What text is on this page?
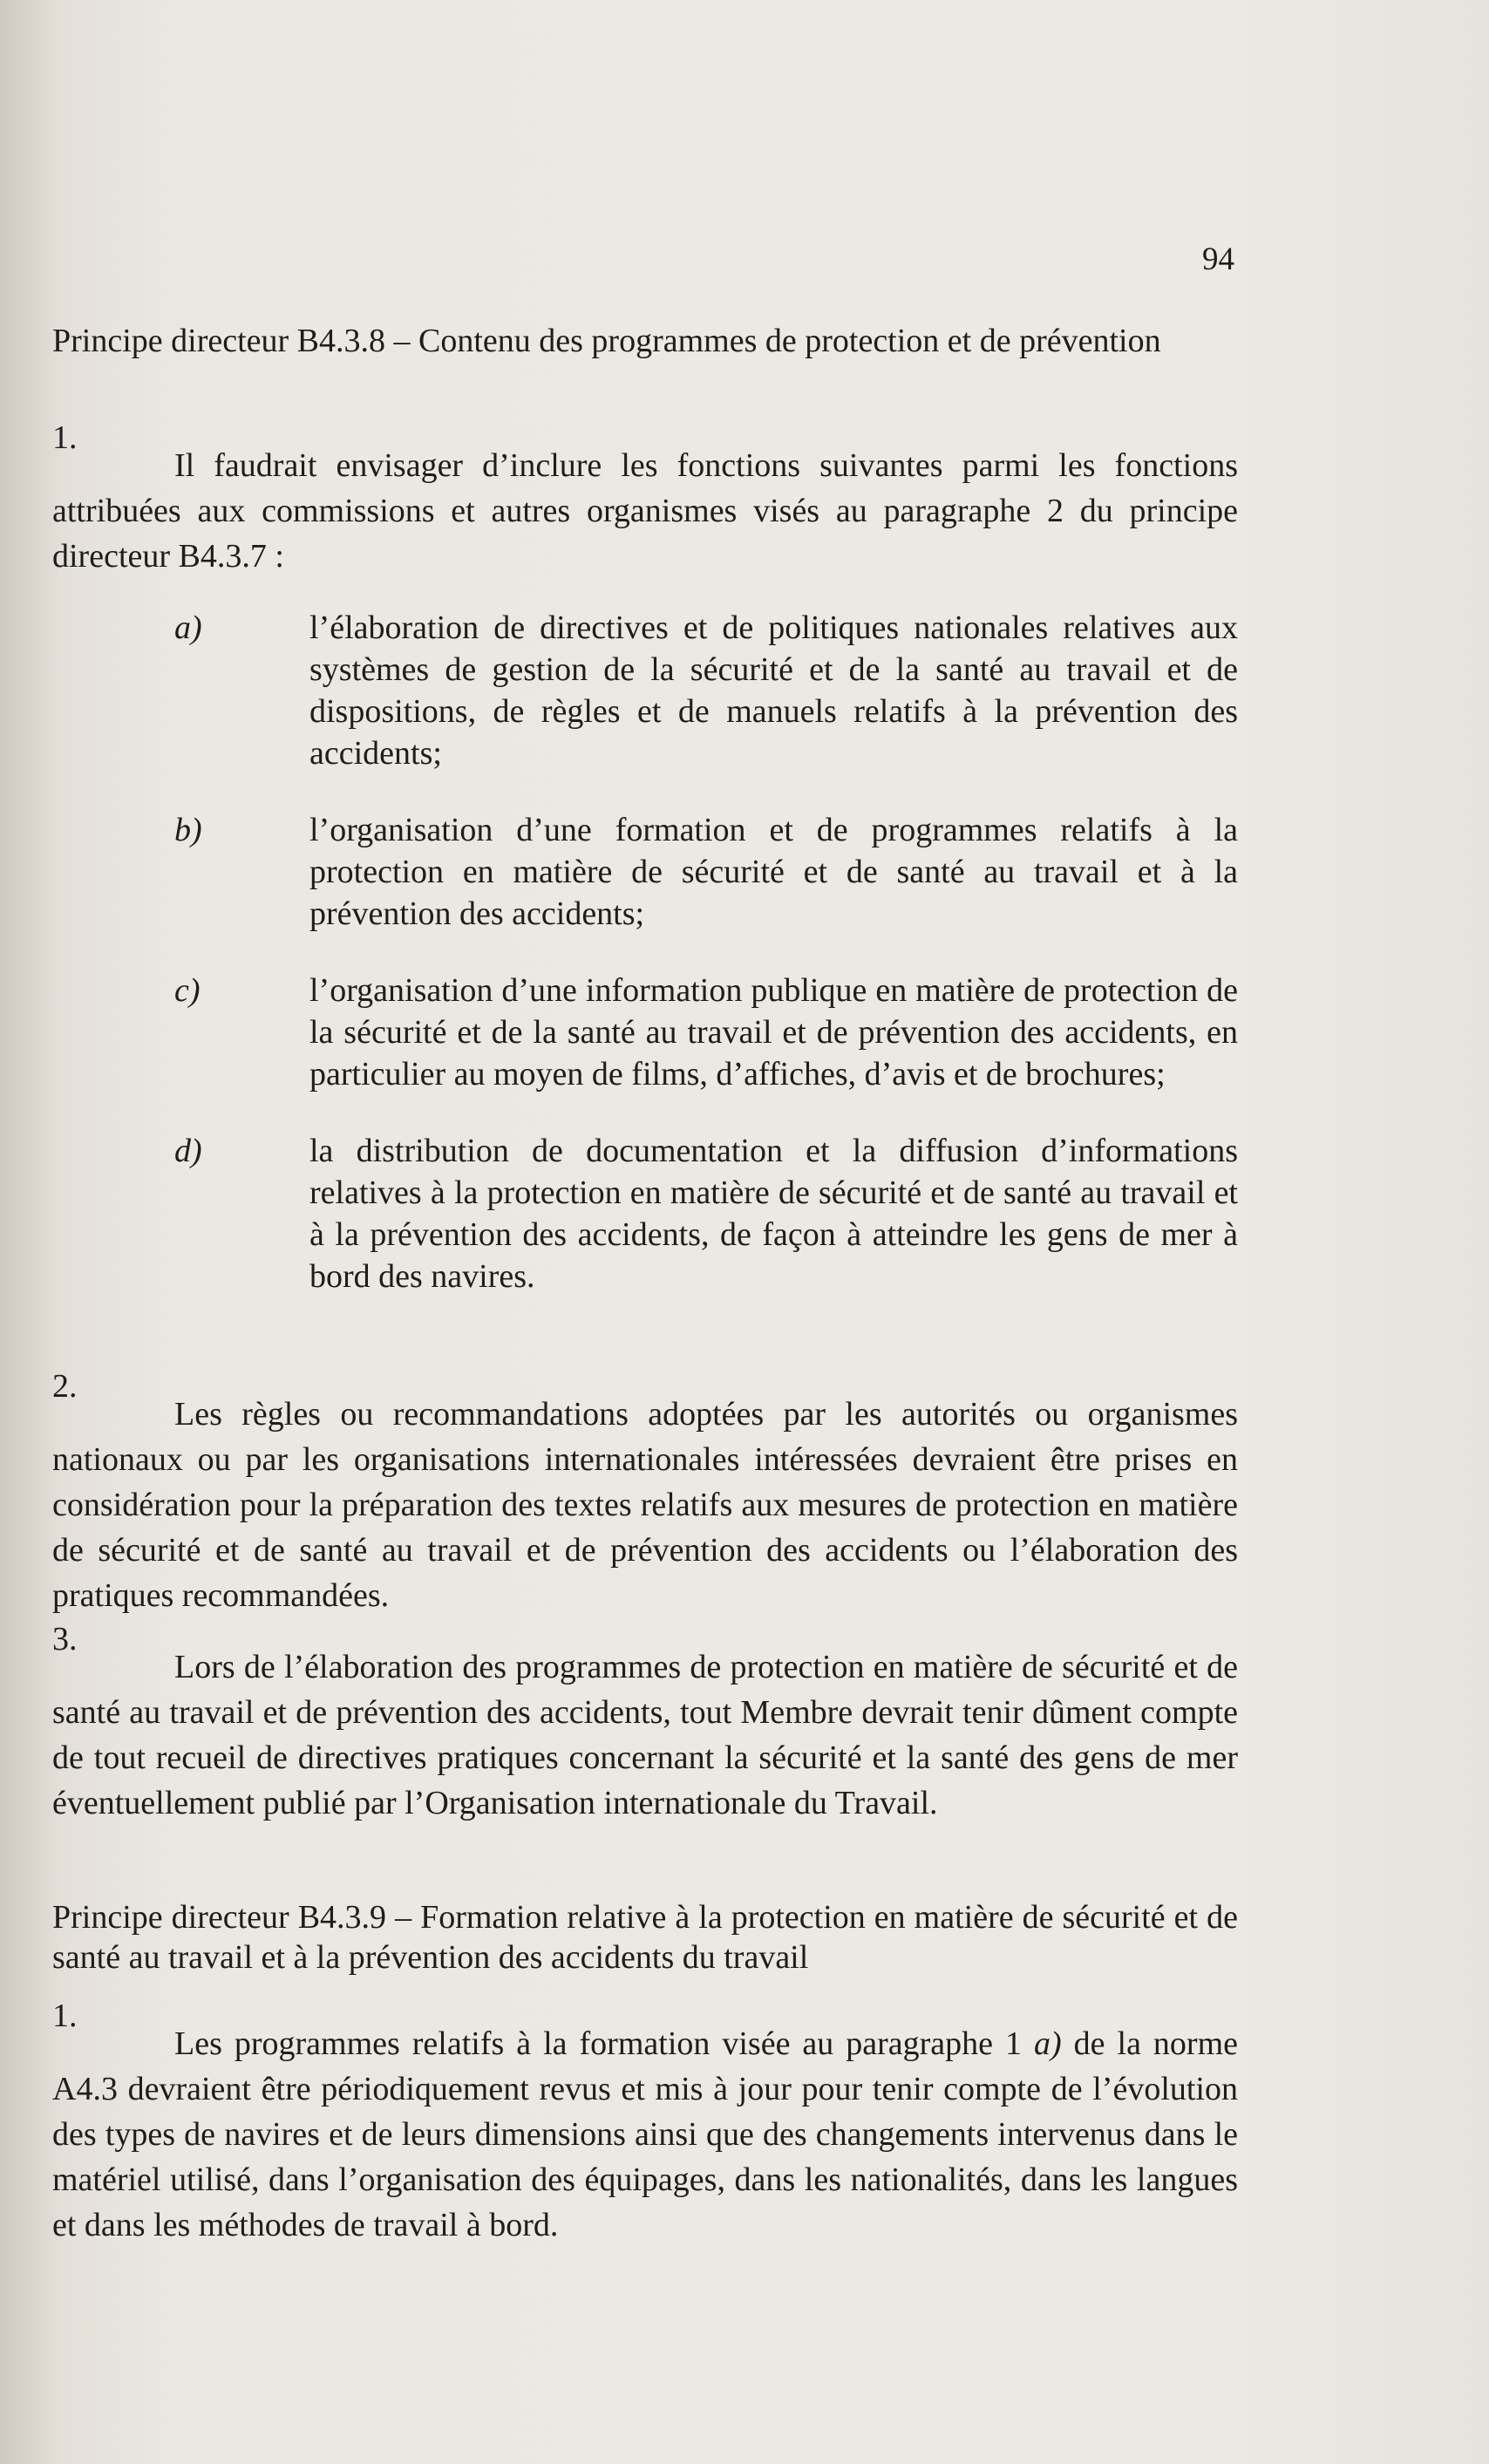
94
Principe directeur B4.3.8 – Contenu des programmes de protection et de prévention
1.
Il faudrait envisager d’inclure les fonctions suivantes parmi les fonctions attribuées aux commissions et autres organismes visés au paragraphe 2 du principe directeur B4.3.7 :
a)	l’élaboration de directives et de politiques nationales relatives aux systèmes de gestion de la sécurité et de la santé au travail et de dispositions, de règles et de manuels relatifs à la prévention des accidents;
b)	l’organisation d’une formation et de programmes relatifs à la protection en matière de sécurité et de santé au travail et à la prévention des accidents;
c)	l’organisation d’une information publique en matière de protection de la sécurité et de la santé au travail et de prévention des accidents, en particulier au moyen de films, d’affiches, d’avis et de brochures;
d)	la distribution de documentation et la diffusion d’informations relatives à la protection en matière de sécurité et de santé au travail et à la prévention des accidents, de façon à atteindre les gens de mer à bord des navires.
2.
Les règles ou recommandations adoptées par les autorités ou organismes nationaux ou par les organisations internationales intéressées devraient être prises en considération pour la préparation des textes relatifs aux mesures de protection en matière de sécurité et de santé au travail et de prévention des accidents ou l’élaboration des pratiques recommandées.
3.
Lors de l’élaboration des programmes de protection en matière de sécurité et de santé au travail et de prévention des accidents, tout Membre devrait tenir dûment compte de tout recueil de directives pratiques concernant la sécurité et la santé des gens de mer éventuellement publié par l’Organisation internationale du Travail.
Principe directeur B4.3.9 – Formation relative à la protection en matière de sécurité et de santé au travail et à la prévention des accidents du travail
1.
Les programmes relatifs à la formation visée au paragraphe 1 a) de la norme A4.3 devraient être périodiquement revus et mis à jour pour tenir compte de l’évolution des types de navires et de leurs dimensions ainsi que des changements intervenus dans le matériel utilisé, dans l’organisation des équipages, dans les nationalités, dans les langues et dans les méthodes de travail à bord.
